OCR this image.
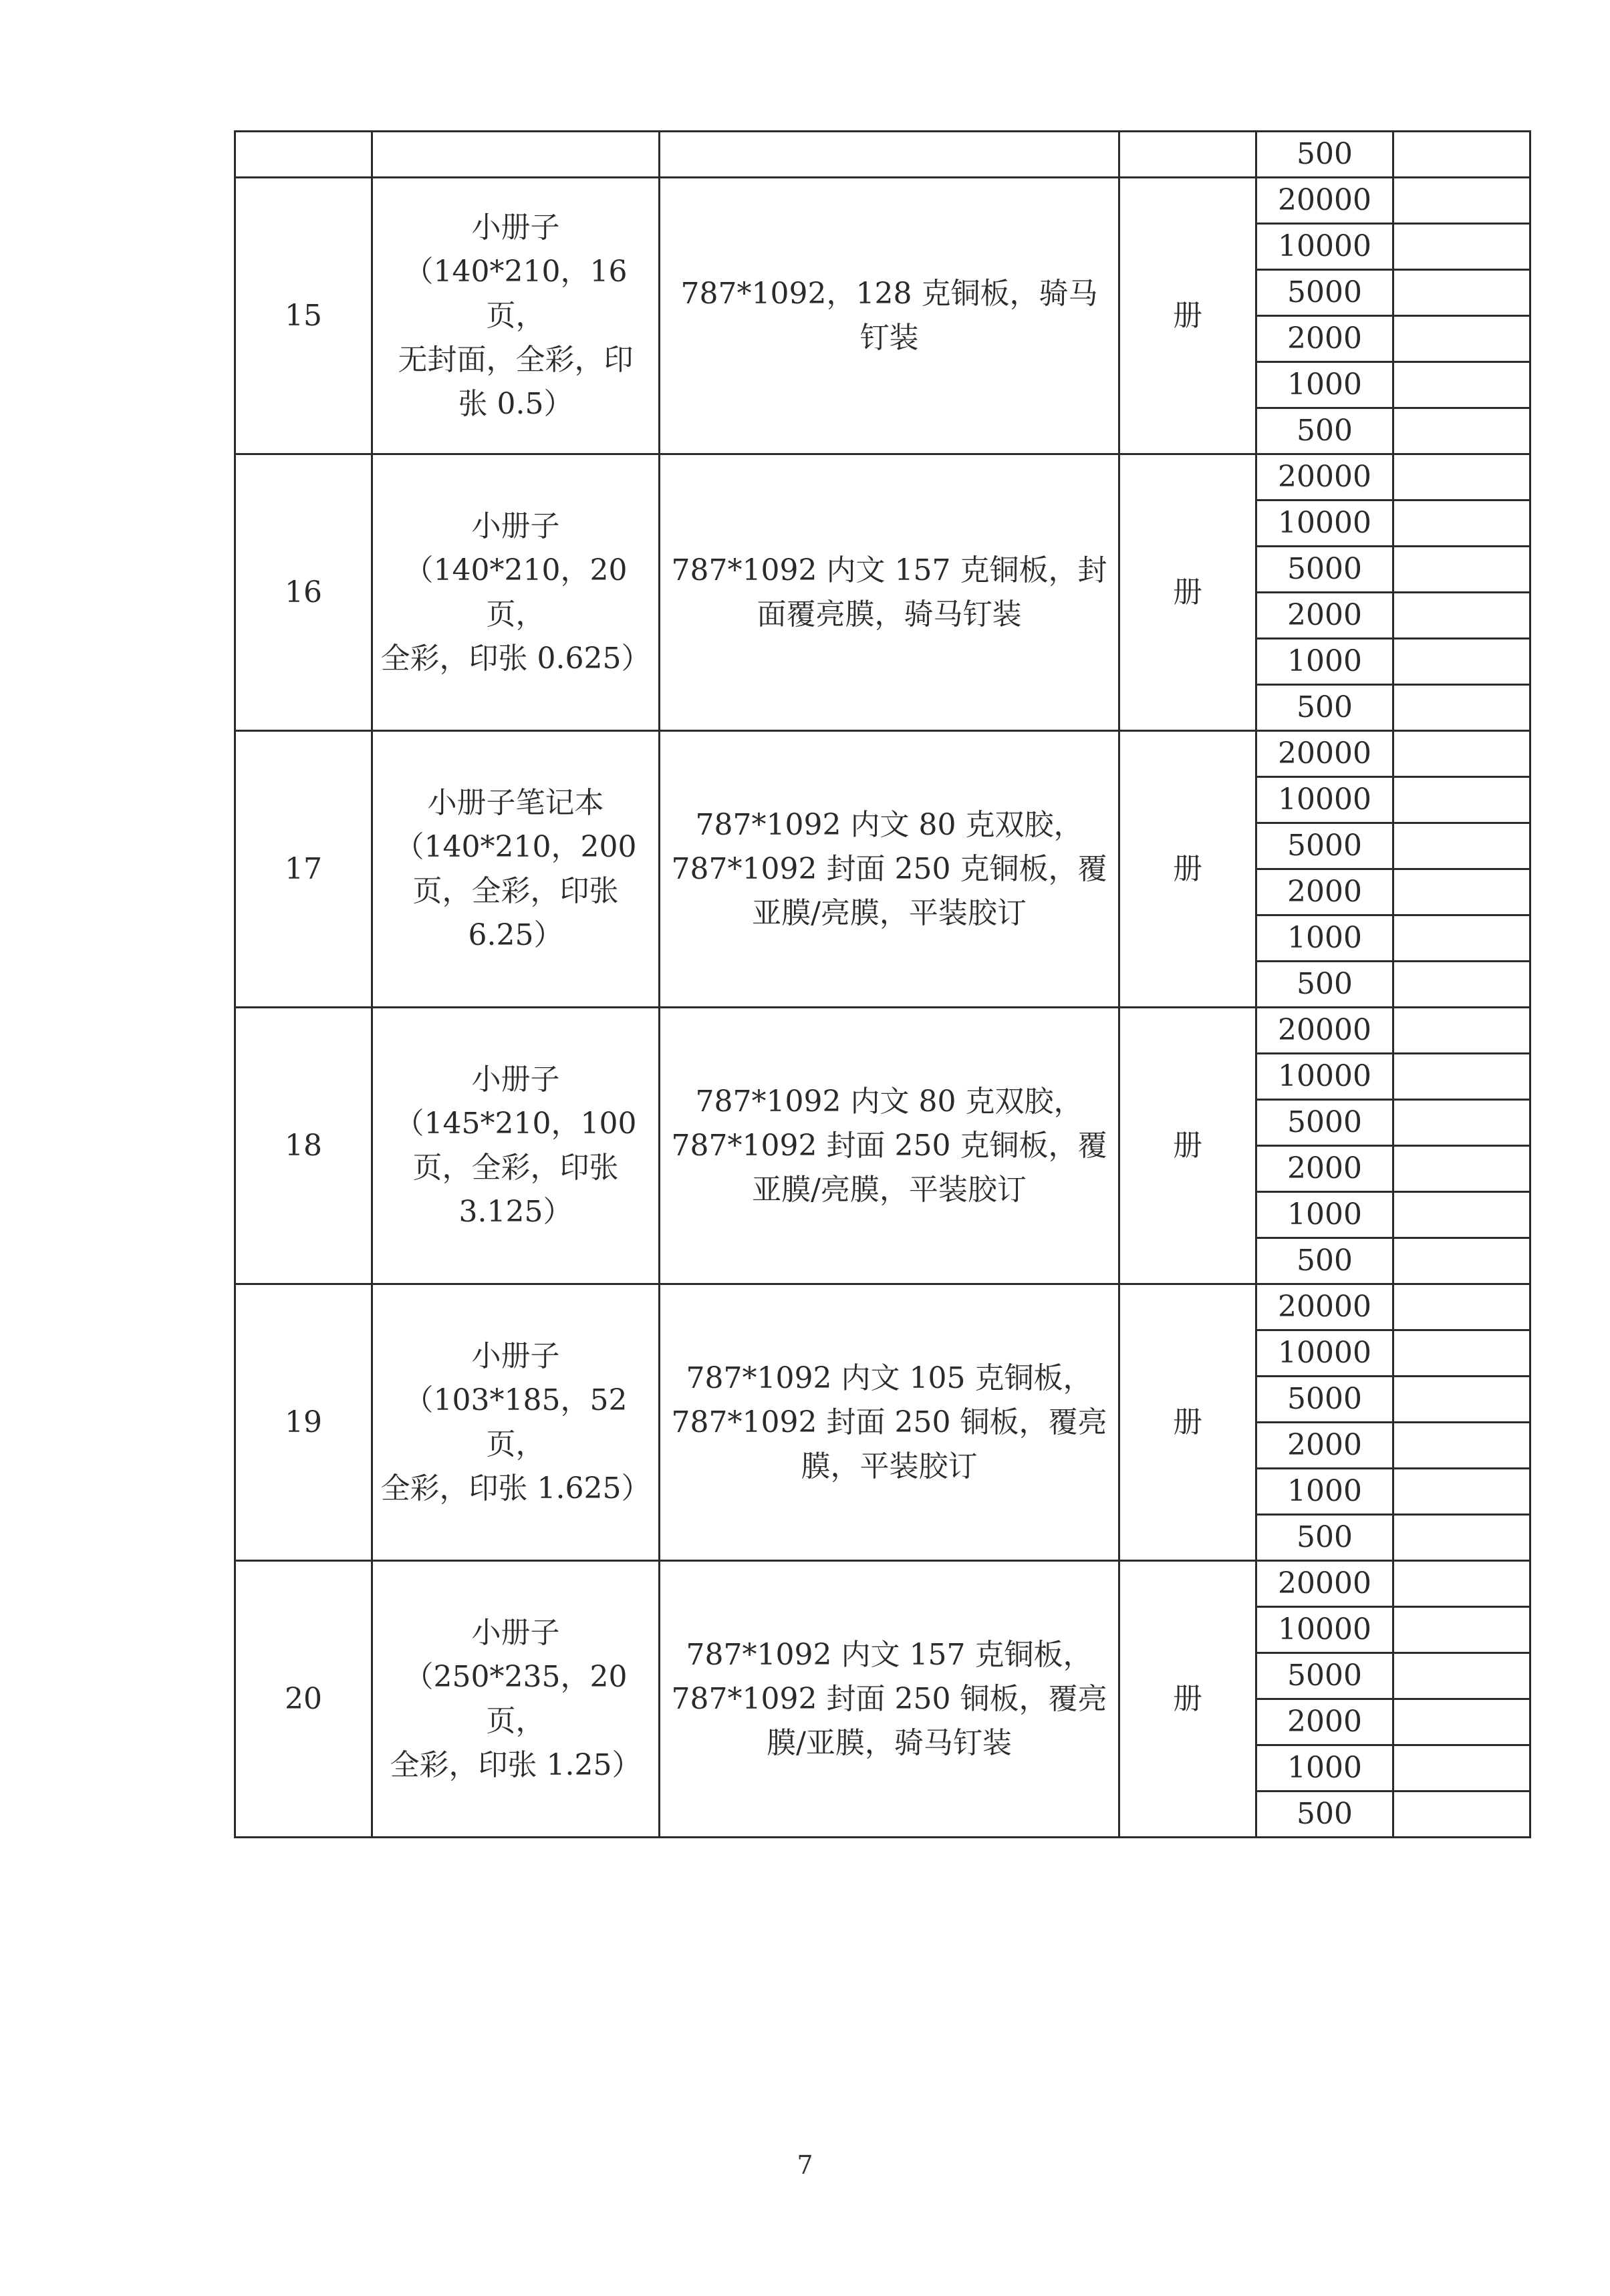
				500	
15	小册子
（140*210，16 页，
无封面，全彩，印
张 0.5）	787*1092，128 克铜板，骑马
钉装	册	20000	
				10000	
				5000	
				2000	
				1000	
				500	
16	小册子
（140*210，20 页，
全彩，印张 0.625）	787*1092 内文 157 克铜板，封
面覆亮膜，骑马钉装	册	20000	
				10000	
				5000	
				2000	
				1000	
				500	
17	小册子笔记本
（140*210，200
页，全彩，印张
6.25）	787*1092 内文 80 克双胶，
787*1092 封面 250 克铜板，覆
亚膜/亮膜，平装胶订	册	20000	
				10000	
				5000	
				2000	
				1000	
				500	
18	小册子
（145*210，100
页，全彩，印张
3.125）	787*1092 内文 80 克双胶，
787*1092 封面 250 克铜板，覆
亚膜/亮膜，平装胶订	册	20000	
				10000	
				5000	
				2000	
				1000	
				500	
19	小册子
（103*185，52 页，
全彩，印张 1.625）	787*1092 内文 105 克铜板，
787*1092 封面 250 铜板，覆亮
膜，平装胶订	册	20000	
				10000	
				5000	
				2000	
				1000	
				500	
20	小册子
（250*235，20 页，
全彩，印张 1.25）	787*1092 内文 157 克铜板，
787*1092 封面 250 铜板，覆亮
膜/亚膜，骑马钉装	册	20000	
				10000	
				5000	
				2000	
				1000	
				500	
7
